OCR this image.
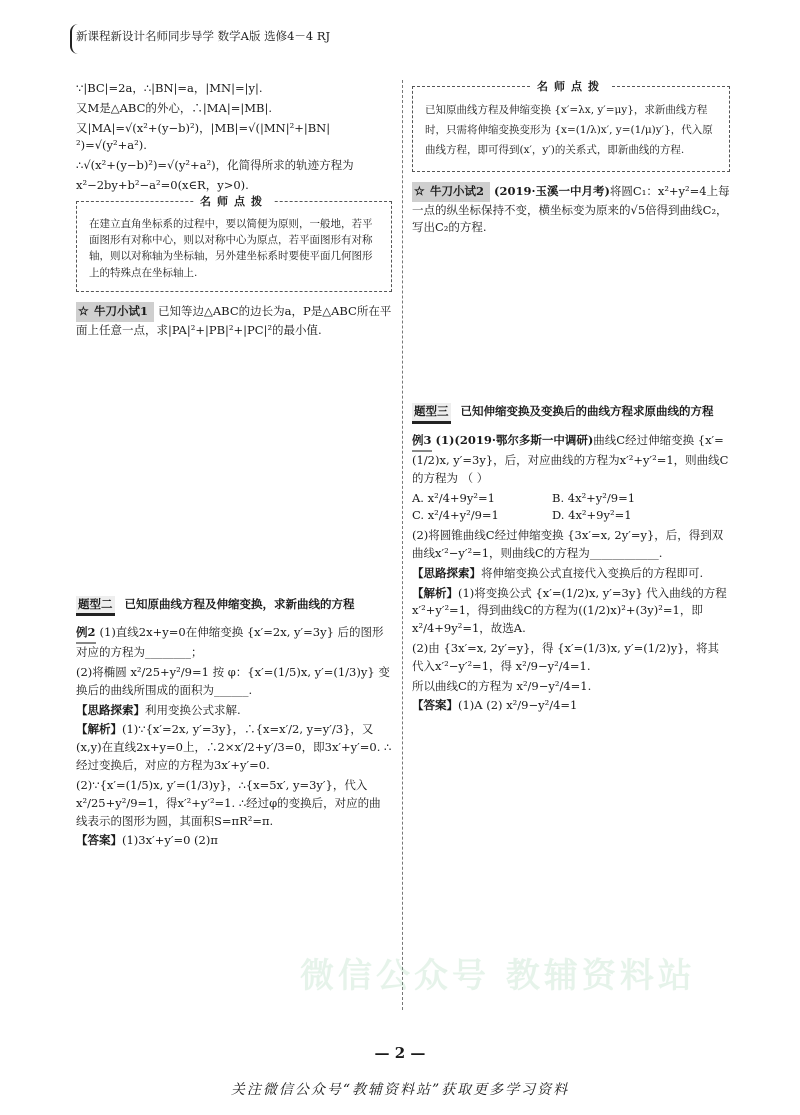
新课程新设计名师同步导学 数学A版 选修4－4 RJ

∵|BC|=2a，∴|BN|=a，|MN|=|y|.

又M是△ABC的外心，∴|MA|=|MB|.

又|MA|=√(x²+(y−b)²)，|MB|=√(|MN|²+|BN|²)=√(y²+a²).

∴√(x²+(y−b)²)=√(y²+a²)，化简得所求的轨迹方程为

x²−2by+b²−a²=0(x∈R，y>0).

名师点拨

在建立直角坐标系的过程中，要以简便为原则，一般地，若平面图形有对称中心，则以对称中心为原点，若平面图形有对称轴，则以对称轴为坐标轴，另外建坐标系时要使平面几何图形上的特殊点在坐标轴上.

☆ 牛刀小试1 已知等边△ABC的边长为a，P是△ABC所在平面上任意一点，求|PA|²+|PB|²+|PC|²的最小值.

题型二 已知原曲线方程及伸缩变换，求新曲线的方程

例2 (1)直线2x+y=0在伸缩变换 {x′=2x, y′=3y} 后的图形对应的方程为________；

(2)将椭圆 x²/25+y²/9=1 按 φ：{x′=(1/5)x, y′=(1/3)y} 变换后的曲线所围成的面积为______.

【思路探索】利用变换公式求解.

【解析】(1)∵{x′=2x, y′=3y}，∴{x=x′/2, y=y′/3}，又(x,y)在直线2x+y=0上，∴2×x′/2+y′/3=0，即3x′+y′=0. ∴经过变换后，对应的方程为3x′+y′=0.

(2)∵{x′=(1/5)x, y′=(1/3)y}，∴{x=5x′, y=3y′}，代入x²/25+y²/9=1，得x′²+y′²=1. ∴经过φ的变换后，对应的曲线表示的图形为圆，其面积S=πR²=π.

【答案】(1)3x′+y′=0 (2)π

名师点拨

已知原曲线方程及伸缩变换 {x′=λx, y′=μy}，求新曲线方程时，只需将伸缩变换变形为 {x=(1/λ)x′, y=(1/μ)y′}，代入原曲线方程，即可得到(x′，y′)的关系式，即新曲线的方程.

☆ 牛刀小试2 (2019·玉溪一中月考)将圆C₁：x²+y²=4上每一点的纵坐标保持不变，横坐标变为原来的√5倍得到曲线C₂，写出C₂的方程.

题型三 已知伸缩变换及变换后的曲线方程求原曲线的方程

例3 (1)(2019·鄂尔多斯一中调研)曲线C经过伸缩变换 {x′=(1/2)x, y′=3y}，后，对应曲线的方程为x′²+y′²=1，则曲线C的方程为 （ ）

A. x²/4+9y²=1	B. 4x²+y²/9=1
C. x²/4+y²/9=1	D. 4x²+9y²=1

(2)将圆锥曲线C经过伸缩变换 {3x′=x, 2y′=y}，后，得到双曲线x′²−y′²=1，则曲线C的方程为____________.

【思路探索】将伸缩变换公式直接代入变换后的方程即可.

【解析】(1)将变换公式 {x′=(1/2)x, y′=3y} 代入曲线的方程x′²+y′²=1，得到曲线C的方程为((1/2)x)²+(3y)²=1，即 x²/4+9y²=1，故选A.

(2)由 {3x′=x, 2y′=y}，得 {x′=(1/3)x, y′=(1/2)y}，将其代入x′²−y′²=1，得 x²/9−y²/4=1.

所以曲线C的方程为 x²/9−y²/4=1.

【答案】(1)A (2) x²/9−y²/4=1

微信公众号 教辅资料站
— 2 —
关注微信公众号“教辅资料站”获取更多学习资料
